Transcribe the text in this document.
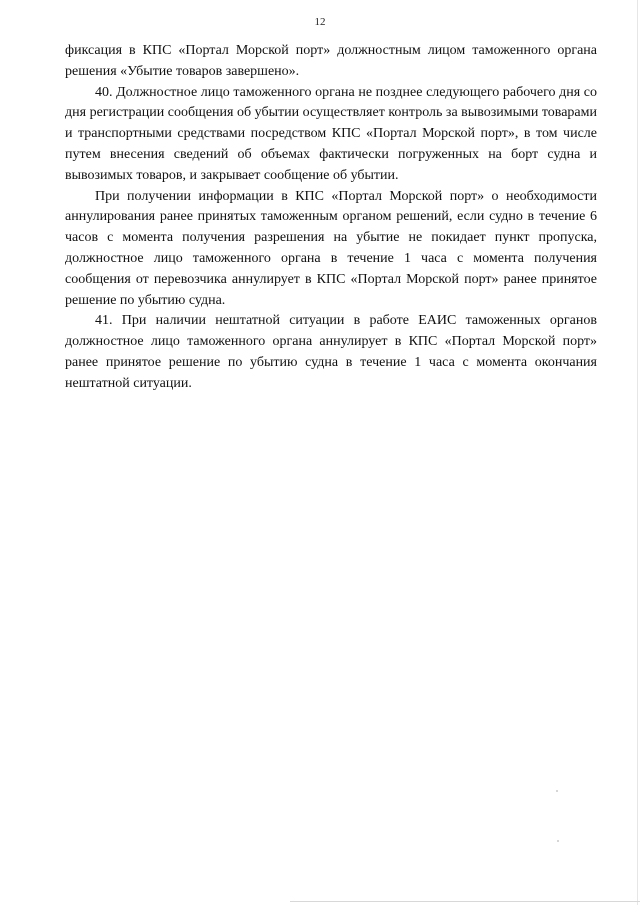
12

фиксация в КПС «Портал Морской порт» должностным лицом таможенного органа решения «Убытие товаров завершено».

40. Должностное лицо таможенного органа не позднее следующего рабочего дня со дня регистрации сообщения об убытии осуществляет контроль за вывозимыми товарами и транспортными средствами посредством КПС «Портал Морской порт», в том числе путем внесения сведений об объемах фактически погруженных на борт судна и вывозимых товаров, и закрывает сообщение об убытии.

При получении информации в КПС «Портал Морской порт» о необходимости аннулирования ранее принятых таможенным органом решений, если судно в течение 6 часов с момента получения разрешения на убытие не покидает пункт пропуска, должностное лицо таможенного органа в течение 1 часа с момента получения сообщения от перевозчика аннулирует в КПС «Портал Морской порт» ранее принятое решение по убытию судна.

41. При наличии нештатной ситуации в работе ЕАИС таможенных органов должностное лицо таможенного органа аннулирует в КПС «Портал Морской порт» ранее принятое решение по убытию судна в течение 1 часа с момента окончания нештатной ситуации.
